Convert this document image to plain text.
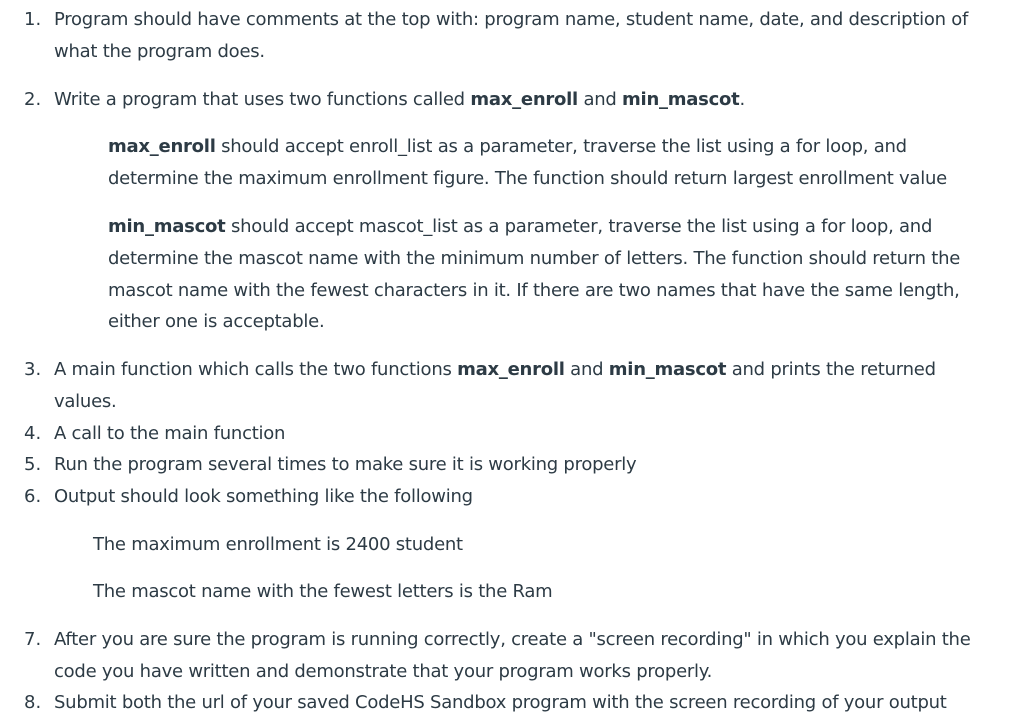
1. Program should have comments at the top with: program name, student name, date, and description of
what the program does.
2. Write a program that uses two functions called max_enroll and min_mascot.
max_enroll should accept enroll_list as a parameter, traverse the list using a for loop, and
determine the maximum enrollment figure. The function should return largest enrollment value
min_mascot should accept mascot_list as a parameter, traverse the list using a for loop, and
determine the mascot name with the minimum number of letters. The function should return the
mascot name with the fewest characters in it. If there are two names that have the same length,
either one is acceptable.
3. A main function which calls the two functions max_enroll and min_mascot and prints the returned
values.
4. A call to the main function
5. Run the program several times to make sure it is working properly
6. Output should look something like the following
The maximum enrollment is 2400 student
The mascot name with the fewest letters is the Ram
7. After you are sure the program is running correctly, create a "screen recording" in which you explain the
code you have written and demonstrate that your program works properly.
8. Submit both the url of your saved CodeHS Sandbox program with the screen recording of your output
